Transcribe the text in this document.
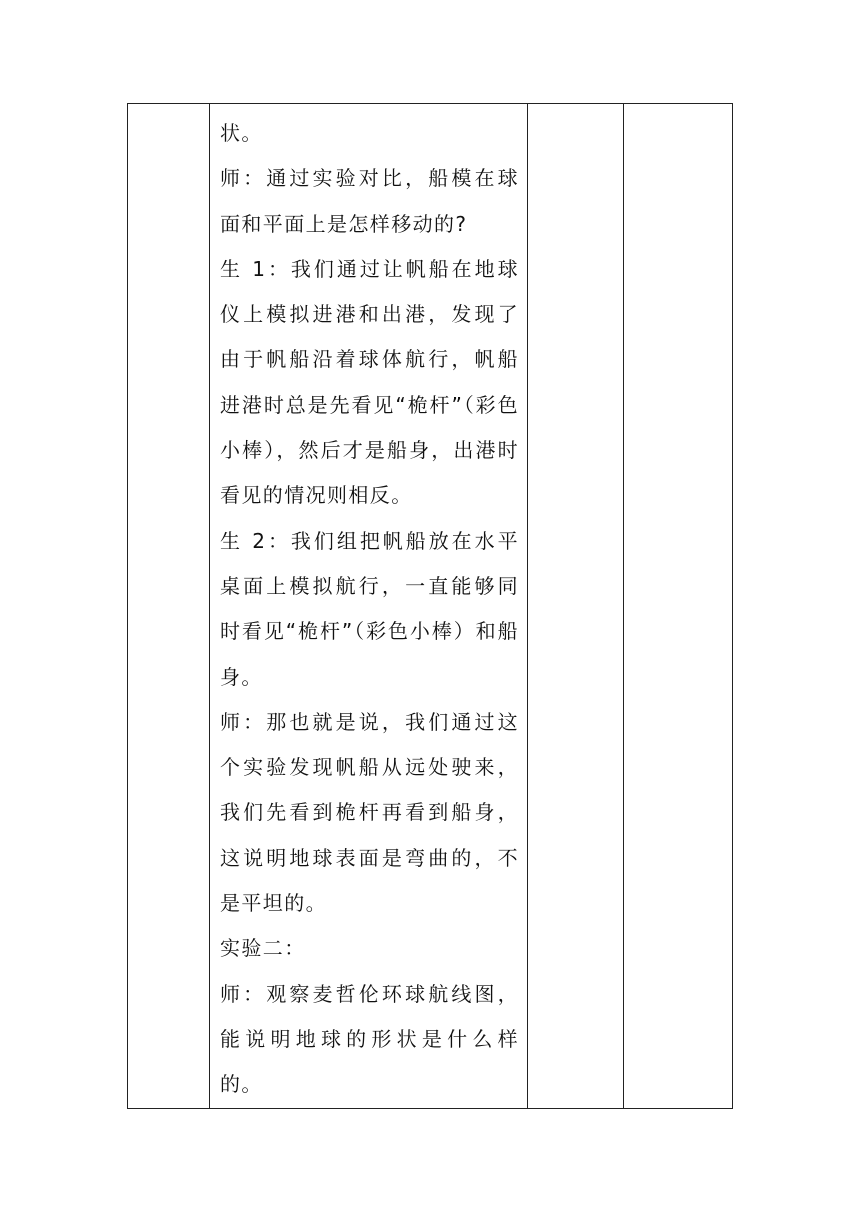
状。

师：通过实验对比，船模在球面和平面上是怎样移动的?

生 1：我们通过让帆船在地球仪上模拟进港和出港，发现了由于帆船沿着球体航行，帆船进港时总是先看见“桅杆”（彩色小棒），然后才是船身，出港时看见的情况则相反。

生 2：我们组把帆船放在水平桌面上模拟航行，一直能够同时看见“桅杆”（彩色小棒）和船身。

师：那也就是说，我们通过这个实验发现帆船从远处驶来，我们先看到桅杆再看到船身，这说明地球表面是弯曲的，不是平坦的。

实验二：

师：观察麦哲伦环球航线图，能说明地球的形状是什么样的。
